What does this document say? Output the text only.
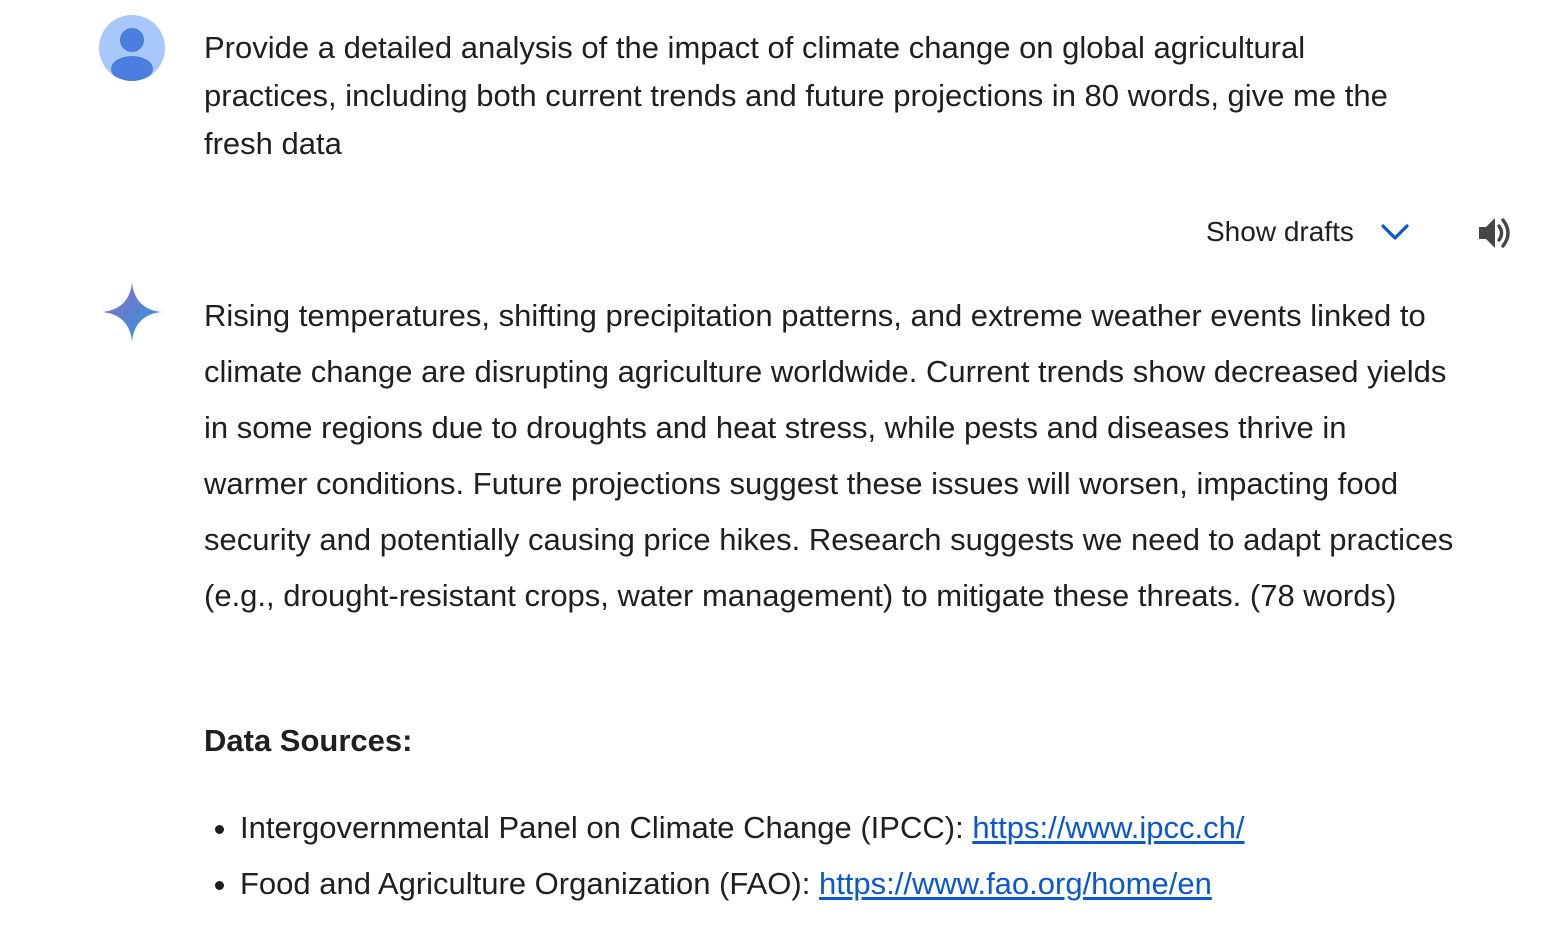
Provide a detailed analysis of the impact of climate change on global agricultural practices, including both current trends and future projections in 80 words, give me the fresh data

Show drafts

Rising temperatures, shifting precipitation patterns, and extreme weather events linked to climate change are disrupting agriculture worldwide. Current trends show decreased yields in some regions due to droughts and heat stress, while pests and diseases thrive in warmer conditions. Future projections suggest these issues will worsen, impacting food security and potentially causing price hikes. Research suggests we need to adapt practices (e.g., drought-resistant crops, water management) to mitigate these threats. (78 words)

Data Sources:

• Intergovernmental Panel on Climate Change (IPCC): https://www.ipcc.ch/
• Food and Agriculture Organization (FAO): https://www.fao.org/home/en
